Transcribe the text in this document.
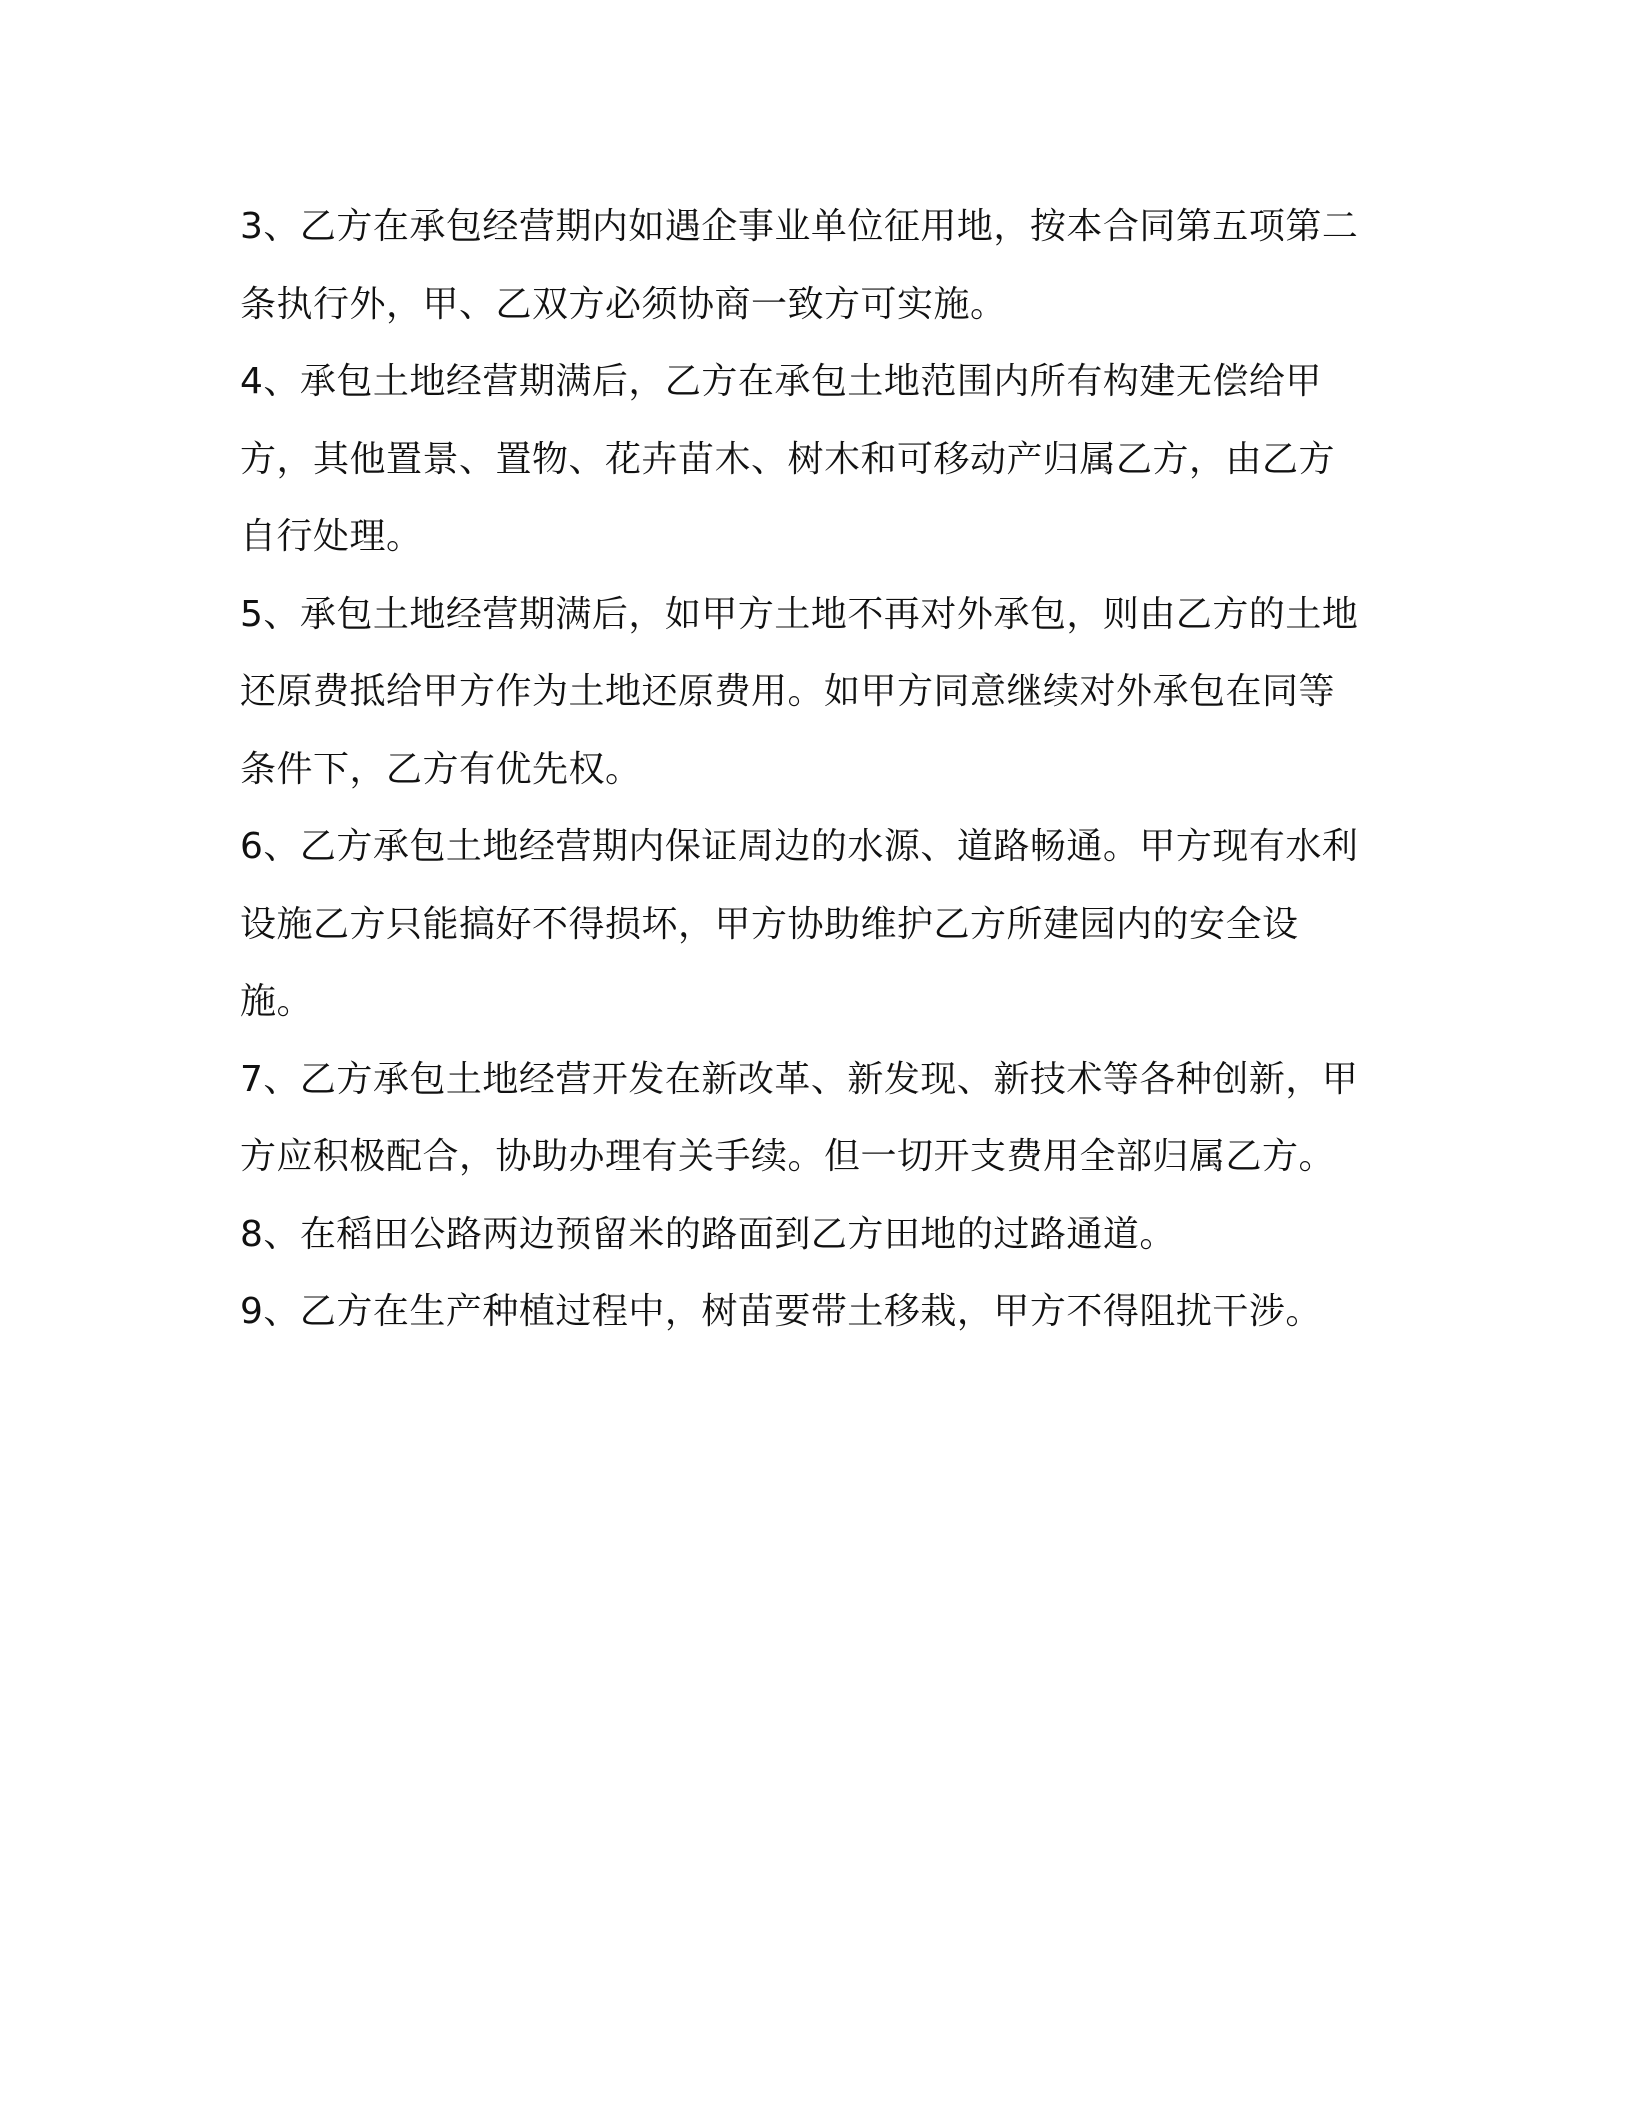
3、乙方在承包经营期内如遇企事业单位征用地，按本合同第五项第二
条执行外，甲、乙双方必须协商一致方可实施。

4、承包土地经营期满后，乙方在承包土地范围内所有构建无偿给甲
方，其他置景、置物、花卉苗木、树木和可移动产归属乙方，由乙方
自行处理。

5、承包土地经营期满后，如甲方土地不再对外承包，则由乙方的土地
还原费抵给甲方作为土地还原费用。如甲方同意继续对外承包在同等
条件下，乙方有优先权。

6、乙方承包土地经营期内保证周边的水源、道路畅通。甲方现有水利
设施乙方只能搞好不得损坏，甲方协助维护乙方所建园内的安全设
施。

7、乙方承包土地经营开发在新改革、新发现、新技术等各种创新，甲
方应积极配合，协助办理有关手续。但一切开支费用全部归属乙方。

8、在稻田公路两边预留米的路面到乙方田地的过路通道。

9、乙方在生产种植过程中，树苗要带土移栽，甲方不得阻扰干涉。
